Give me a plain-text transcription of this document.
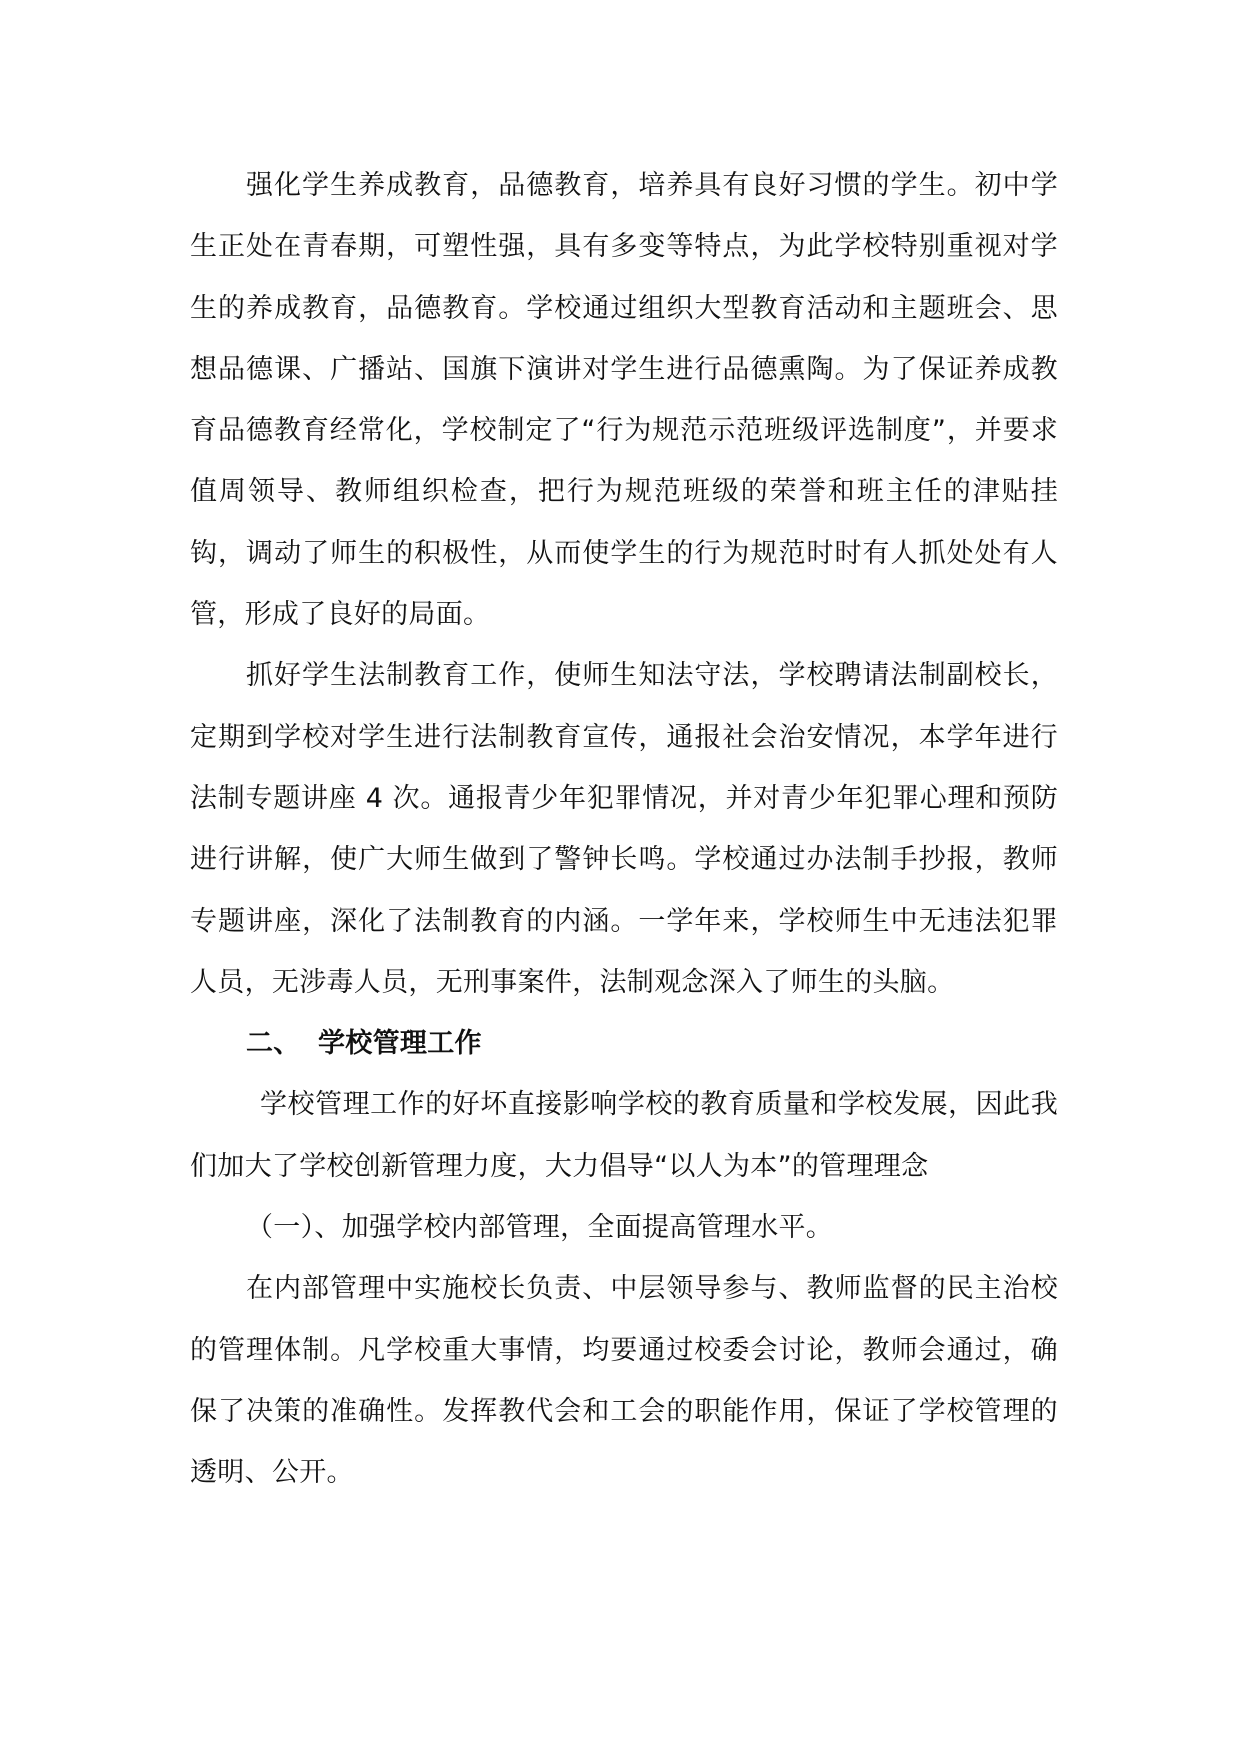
强化学生养成教育，品德教育，培养具有良好习惯的学生。初中学生正处在青春期，可塑性强，具有多变等特点，为此学校特别重视对学生的养成教育，品德教育。学校通过组织大型教育活动和主题班会、思想品德课、广播站、国旗下演讲对学生进行品德熏陶。为了保证养成教育品德教育经常化，学校制定了“行为规范示范班级评选制度”，并要求值周领导、教师组织检查，把行为规范班级的荣誉和班主任的津贴挂钩，调动了师生的积极性，从而使学生的行为规范时时有人抓处处有人管，形成了良好的局面。

抓好学生法制教育工作，使师生知法守法，学校聘请法制副校长，定期到学校对学生进行法制教育宣传，通报社会治安情况，本学年进行法制专题讲座 4 次。通报青少年犯罪情况，并对青少年犯罪心理和预防进行讲解，使广大师生做到了警钟长鸣。学校通过办法制手抄报，教师专题讲座，深化了法制教育的内涵。一学年来，学校师生中无违法犯罪人员，无涉毒人员，无刑事案件，法制观念深入了师生的头脑。

二、 学校管理工作

学校管理工作的好坏直接影响学校的教育质量和学校发展，因此我们加大了学校创新管理力度，大力倡导“以人为本”的管理理念

（一）、加强学校内部管理，全面提高管理水平。

在内部管理中实施校长负责、中层领导参与、教师监督的民主治校的管理体制。凡学校重大事情，均要通过校委会讨论，教师会通过，确保了决策的准确性。发挥教代会和工会的职能作用，保证了学校管理的透明、公开。
